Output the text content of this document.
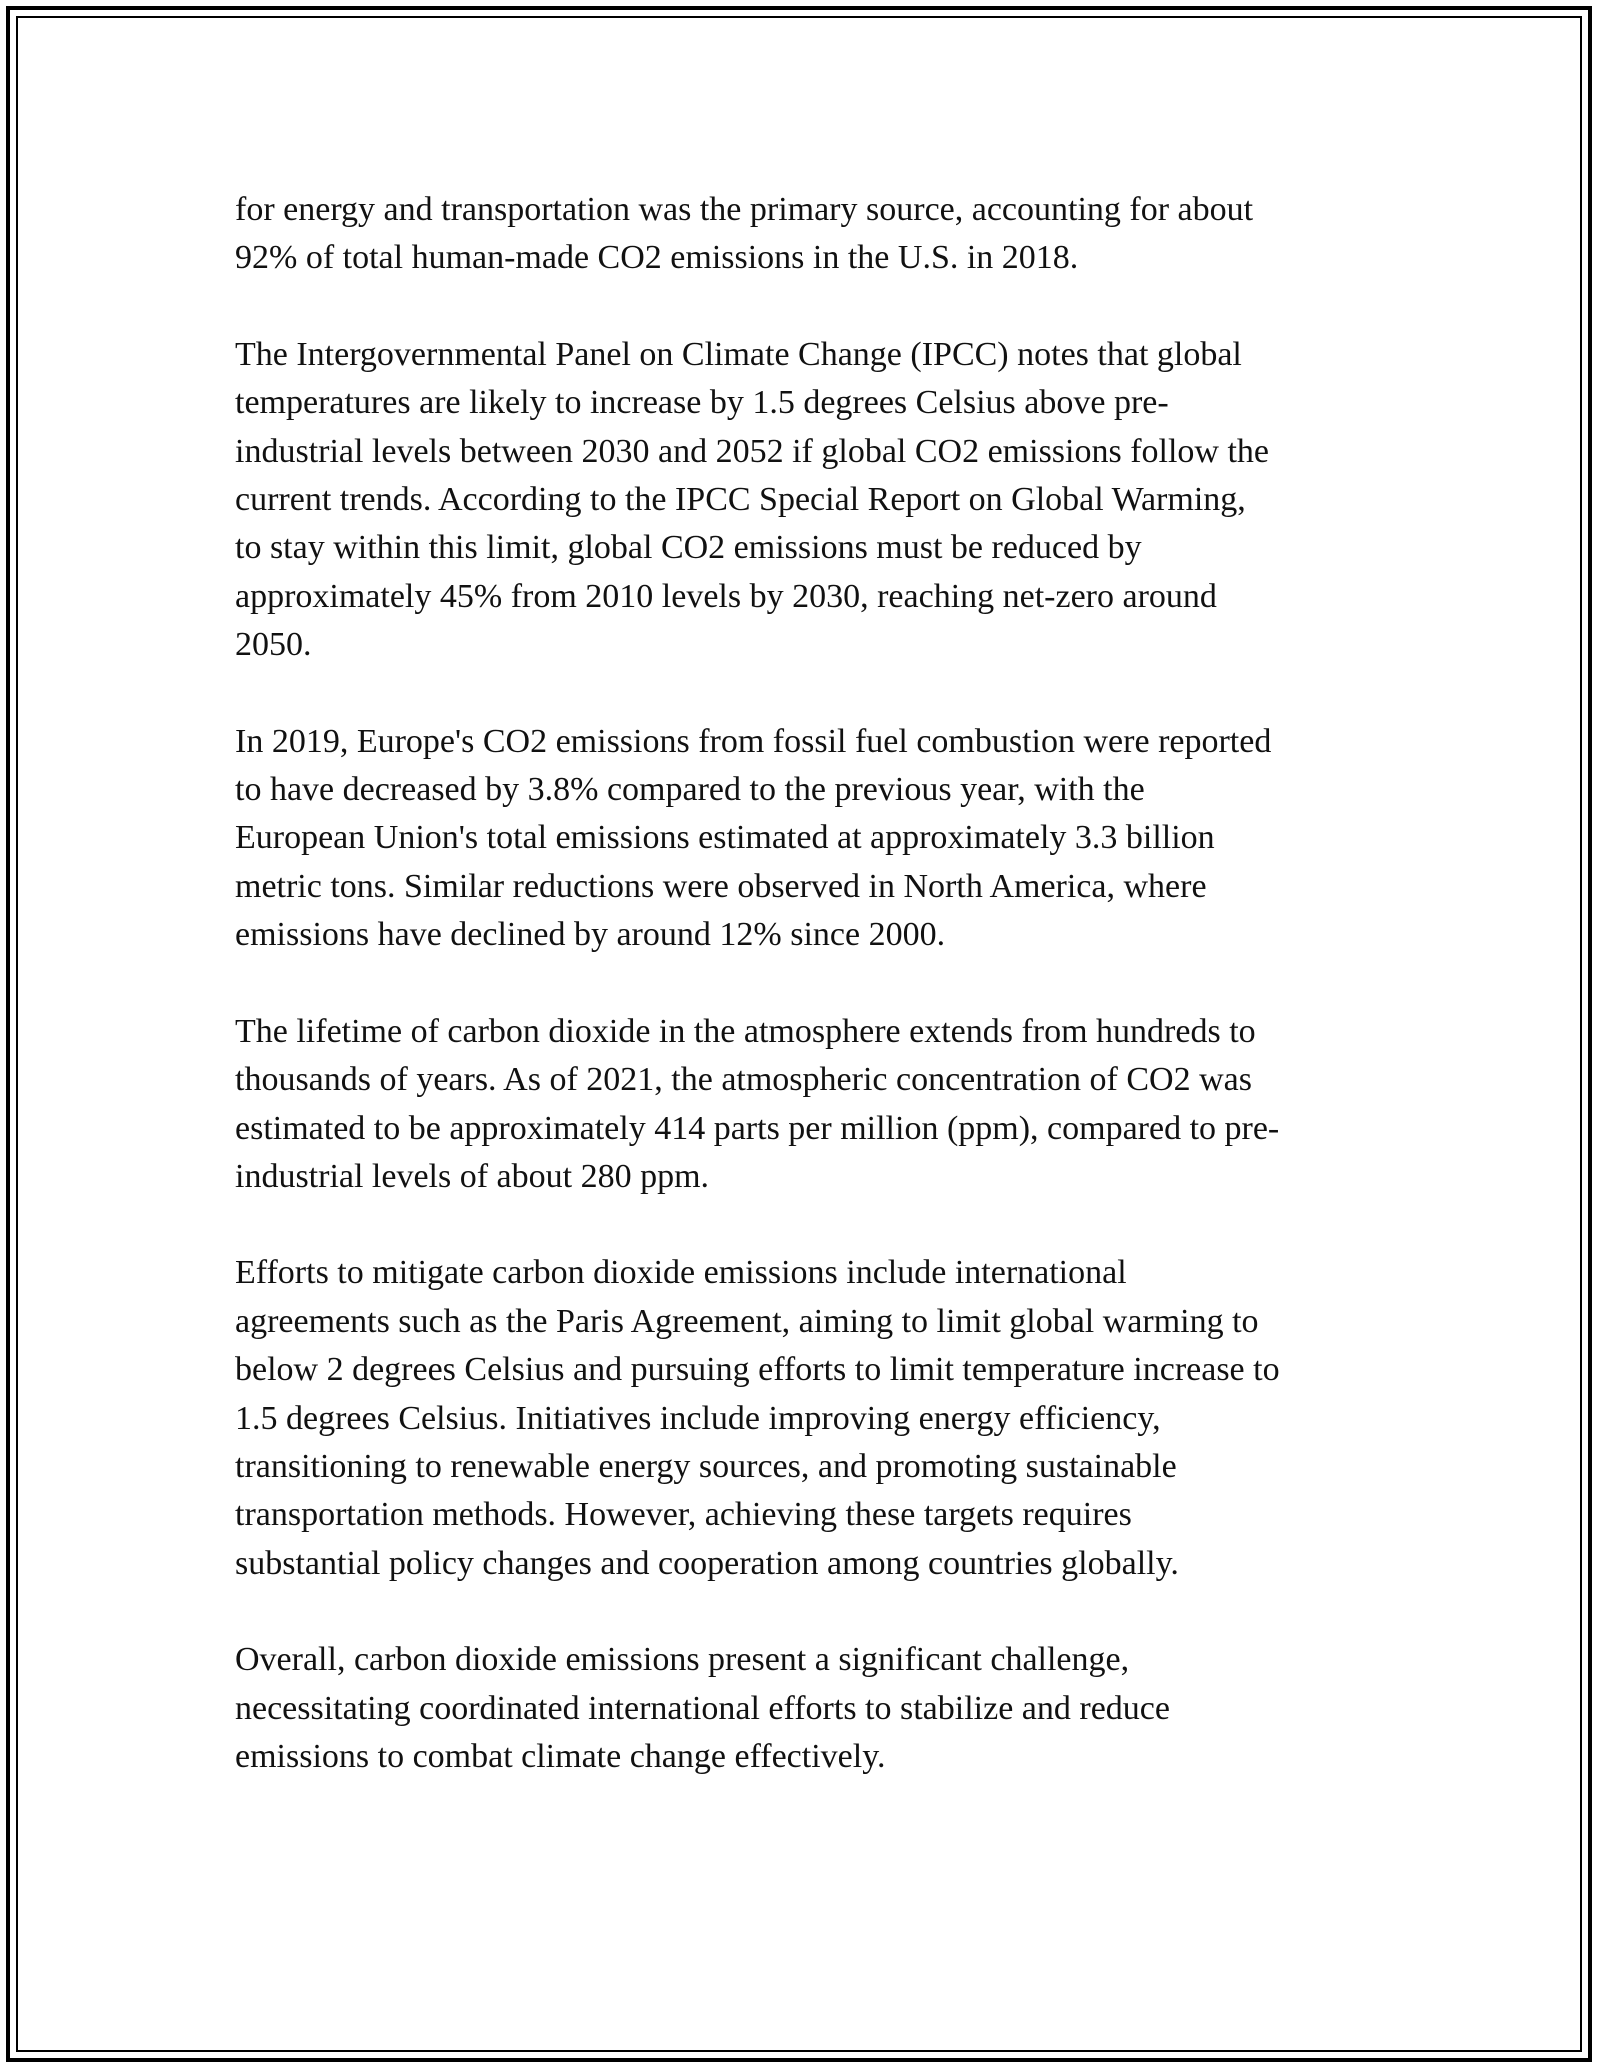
for energy and transportation was the primary source, accounting for about
92% of total human-made CO2 emissions in the U.S. in 2018.

The Intergovernmental Panel on Climate Change (IPCC) notes that global
temperatures are likely to increase by 1.5 degrees Celsius above pre-
industrial levels between 2030 and 2052 if global CO2 emissions follow the
current trends. According to the IPCC Special Report on Global Warming,
to stay within this limit, global CO2 emissions must be reduced by
approximately 45% from 2010 levels by 2030, reaching net-zero around
2050.

In 2019, Europe's CO2 emissions from fossil fuel combustion were reported
to have decreased by 3.8% compared to the previous year, with the
European Union's total emissions estimated at approximately 3.3 billion
metric tons. Similar reductions were observed in North America, where
emissions have declined by around 12% since 2000.

The lifetime of carbon dioxide in the atmosphere extends from hundreds to
thousands of years. As of 2021, the atmospheric concentration of CO2 was
estimated to be approximately 414 parts per million (ppm), compared to pre-
industrial levels of about 280 ppm.

Efforts to mitigate carbon dioxide emissions include international
agreements such as the Paris Agreement, aiming to limit global warming to
below 2 degrees Celsius and pursuing efforts to limit temperature increase to
1.5 degrees Celsius. Initiatives include improving energy efficiency,
transitioning to renewable energy sources, and promoting sustainable
transportation methods. However, achieving these targets requires
substantial policy changes and cooperation among countries globally.

Overall, carbon dioxide emissions present a significant challenge,
necessitating coordinated international efforts to stabilize and reduce
emissions to combat climate change effectively.
